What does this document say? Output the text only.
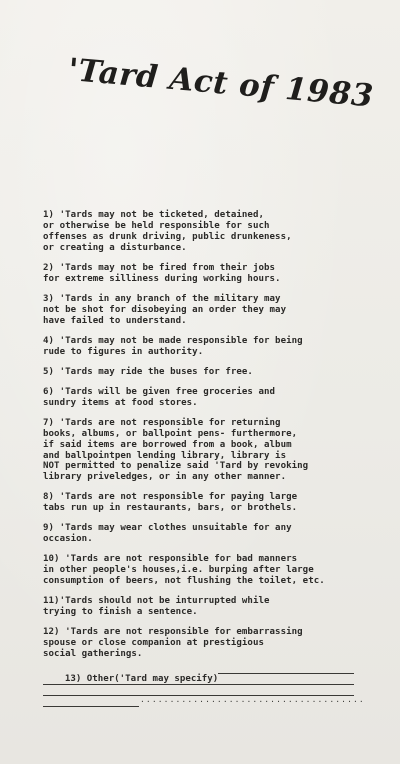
'Tard Act of 1983
1) 'Tards may not be ticketed, detained,
or otherwise be held responsible for such
offenses as drunk driving, public drunkeness,
or creating a disturbance.
2) 'Tards may not be fired from their jobs
for extreme silliness during working hours.
3) 'Tards in any branch of the military may
not be shot for disobeying an order they may
have failed to understand.
4) 'Tards may not be made responsible for being
rude to figures in authority.
5) 'Tards may ride the buses for free.
6) 'Tards will be given free groceries and
sundry items at food stores.
7) 'Tards are not responsible for returning
books, albums, or ballpoint pens- furthermore,
if said items are borrowed from a book, album
and ballpointpen lending library, library is
NOT permitted to penalize said 'Tard by revoking
library priveledges, or in any other manner.
8) 'Tards are not responsible for paying large
tabs run up in restaurants, bars, or brothels.
9) 'Tards may wear clothes unsuitable for any
occasion.
10) 'Tards are not responsible for bad manners
in other people's houses,i.e. burping after large
consumption of beers, not flushing the toilet, etc.
11)'Tards should not be inturrupted while
trying to finish a sentence.
12) 'Tards are not responsible for embarrassing
spouse or close companion at prestigious
social gatherings.

13) Other('Tard may specify)

......................................
